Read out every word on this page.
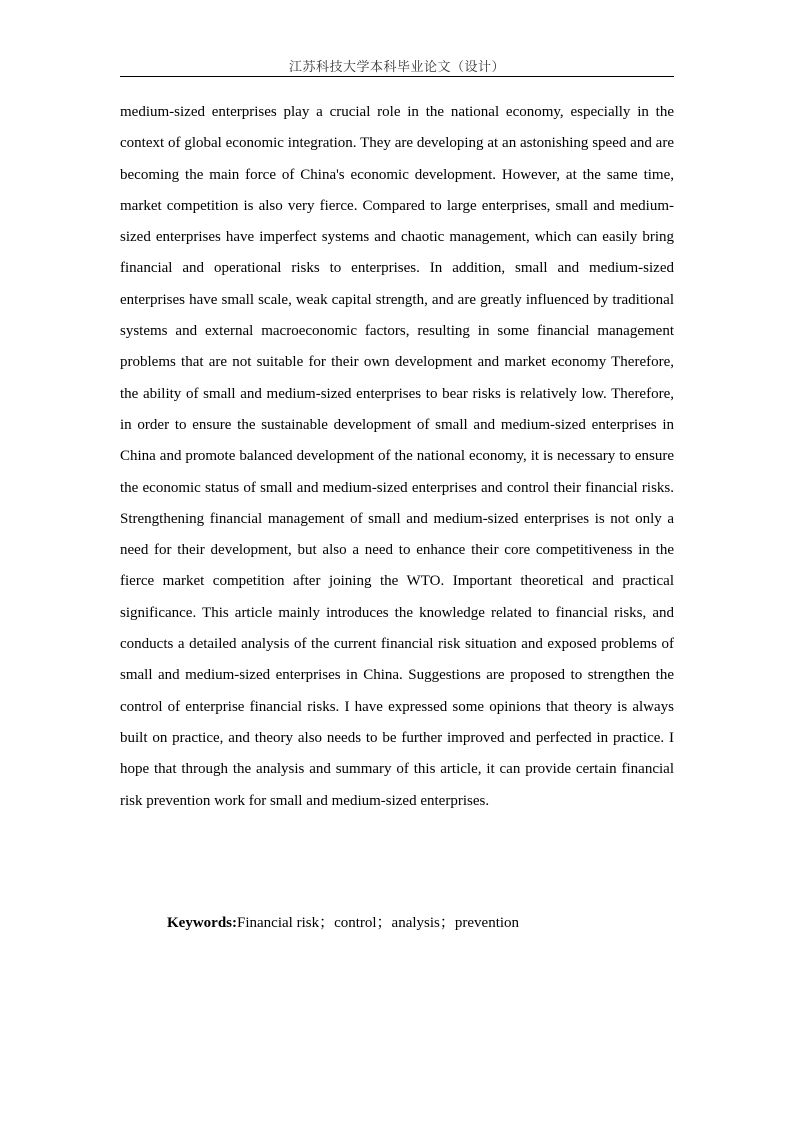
江苏科技大学本科毕业论文（设计）

medium-sized enterprises play a crucial role in the national economy, especially in the context of global economic integration. They are developing at an astonishing speed and are becoming the main force of China's economic development. However, at the same time, market competition is also very fierce. Compared to large enterprises, small and medium-sized enterprises have imperfect systems and chaotic management, which can easily bring financial and operational risks to enterprises. In addition, small and medium-sized enterprises have small scale, weak capital strength, and are greatly influenced by traditional systems and external macroeconomic factors, resulting in some financial management problems that are not suitable for their own development and market economy Therefore, the ability of small and medium-sized enterprises to bear risks is relatively low. Therefore, in order to ensure the sustainable development of small and medium-sized enterprises in China and promote balanced development of the national economy, it is necessary to ensure the economic status of small and medium-sized enterprises and control their financial risks. Strengthening financial management of small and medium-sized enterprises is not only a need for their development, but also a need to enhance their core competitiveness in the fierce market competition after joining the WTO. Important theoretical and practical significance. This article mainly introduces the knowledge related to financial risks, and conducts a detailed analysis of the current financial risk situation and exposed problems of small and medium-sized enterprises in China. Suggestions are proposed to strengthen the control of enterprise financial risks. I have expressed some opinions that theory is always built on practice, and theory also needs to be further improved and perfected in practice. I hope that through the analysis and summary of this article, it can provide certain financial risk prevention work for small and medium-sized enterprises.

Keywords:Financial risk；control；analysis；prevention
